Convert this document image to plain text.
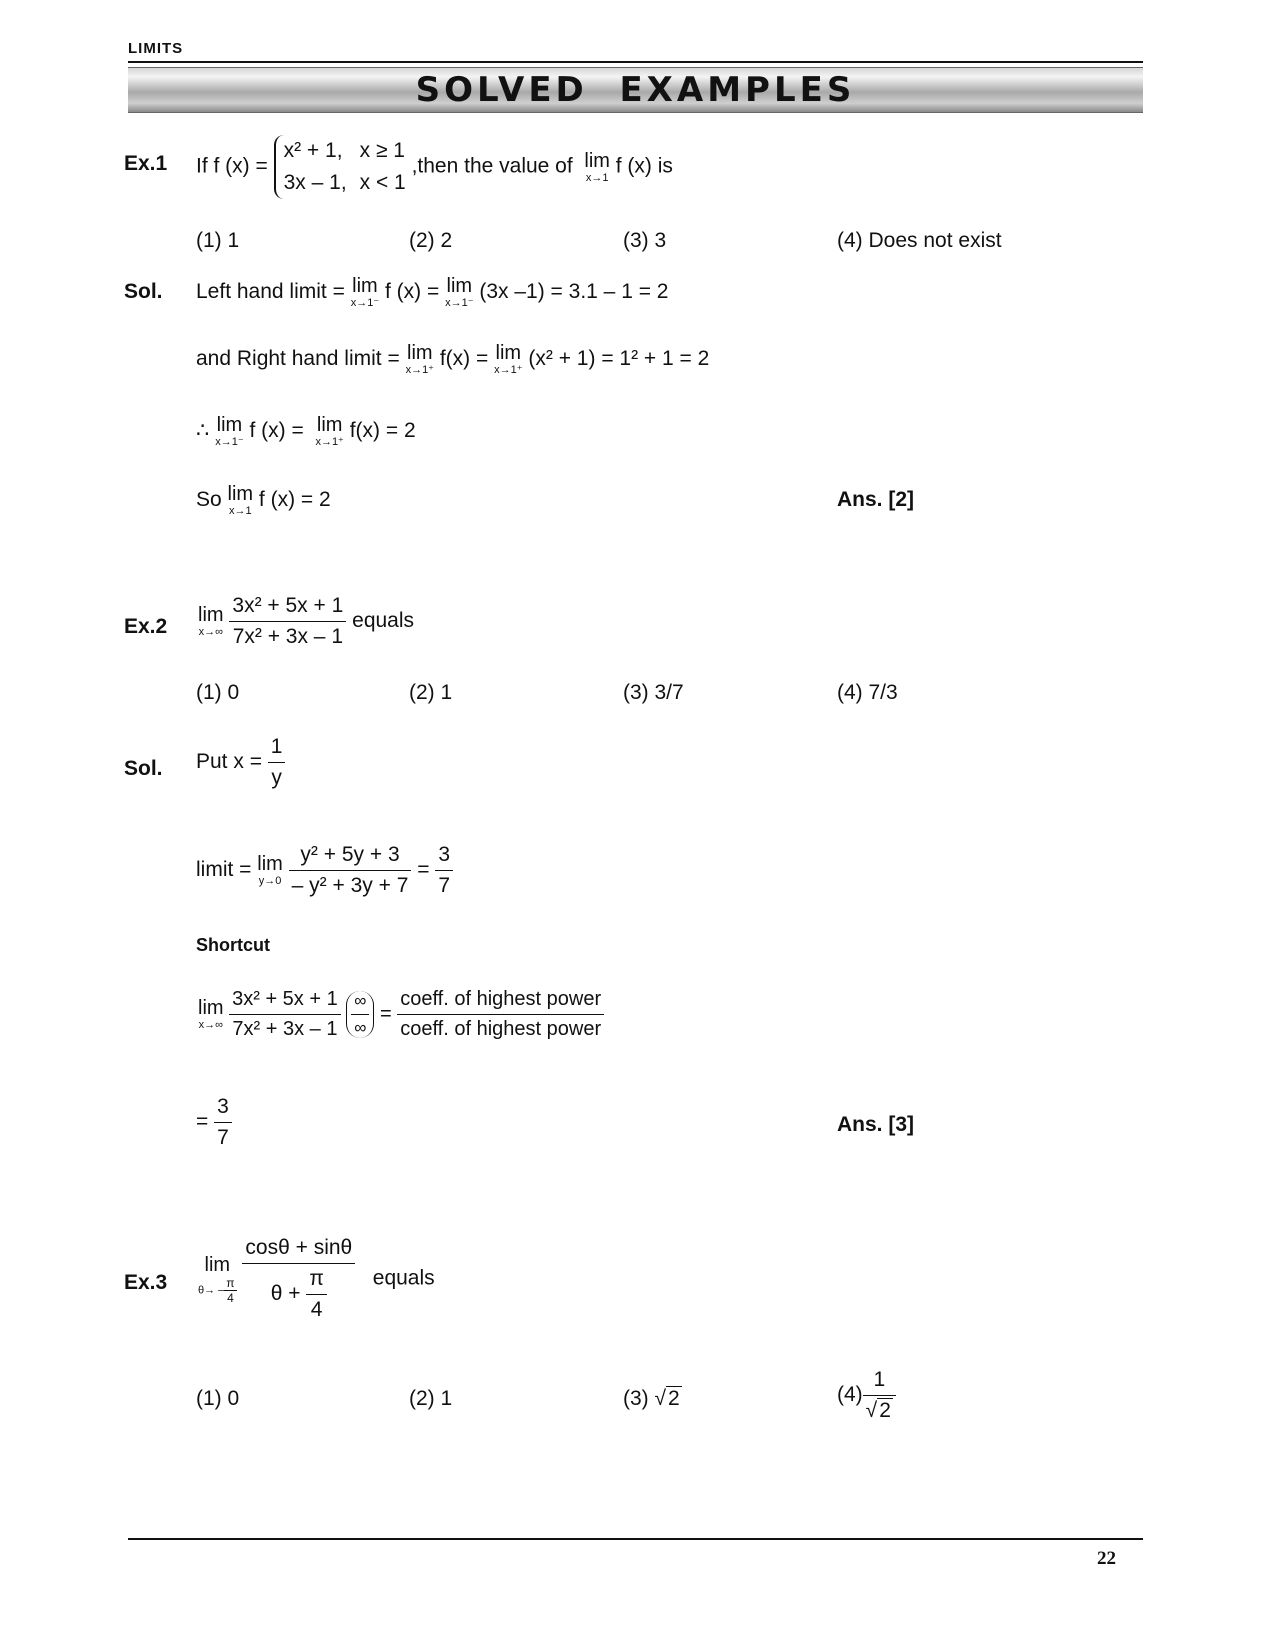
LIMITS
SOLVED  EXAMPLES
Ex.1 If f (x) =
x² + 1, x ≥ 1
3x – 1, x < 1
,then the value of lim
x→1 f (x) is
(1) 1	(2) 2	(3) 3	(4) Does not exist
Sol. Left hand limit = lim
x→1⁻ f (x) = lim
x→1⁻ (3x –1) = 3.1 – 1 = 2
and Right hand limit = lim
x→1⁺ f(x) = lim
x→1⁺ (x² + 1) = 1² + 1 = 2
∴ lim
x→1⁻ f (x) = lim
x→1⁺ f(x) = 2
So lim
x→1 f (x) = 2	Ans. [2]
Ex.2 lim
x→∞
$\frac{\text{3x² + 5x + 1}}{\text{7x² + 3x – 1}}$ equals
(1) 0	(2) 1	(3) 3/7	(4) 7/3
Sol. Put $x = \frac{1}{y}$
limit = lim
y→0
$\frac{\text{y² + 5y + 3}}{\text{– y² + 3y + 7}} = \frac{3}{7}$
Shortcut
lim
x→∞
$\frac{\text{3x² + 5x + 1}}{\text{7x² + 3x – 1}}$
$\frac{\infty}{\infty} = \frac{\text{coeff. of highest power}}{\text{coeff. of highest power}}$
= $\frac{3}{7}$	Ans. [3]
Ex.3
lim
$\theta\to - \frac{\pi}{4}$
$\frac{\cos\theta + \sin\theta}{\theta + \frac{\pi}{4}}$ equals
(1) 0	(2) 1	(3) √2	$(4) \frac{1}{√2}$
22
